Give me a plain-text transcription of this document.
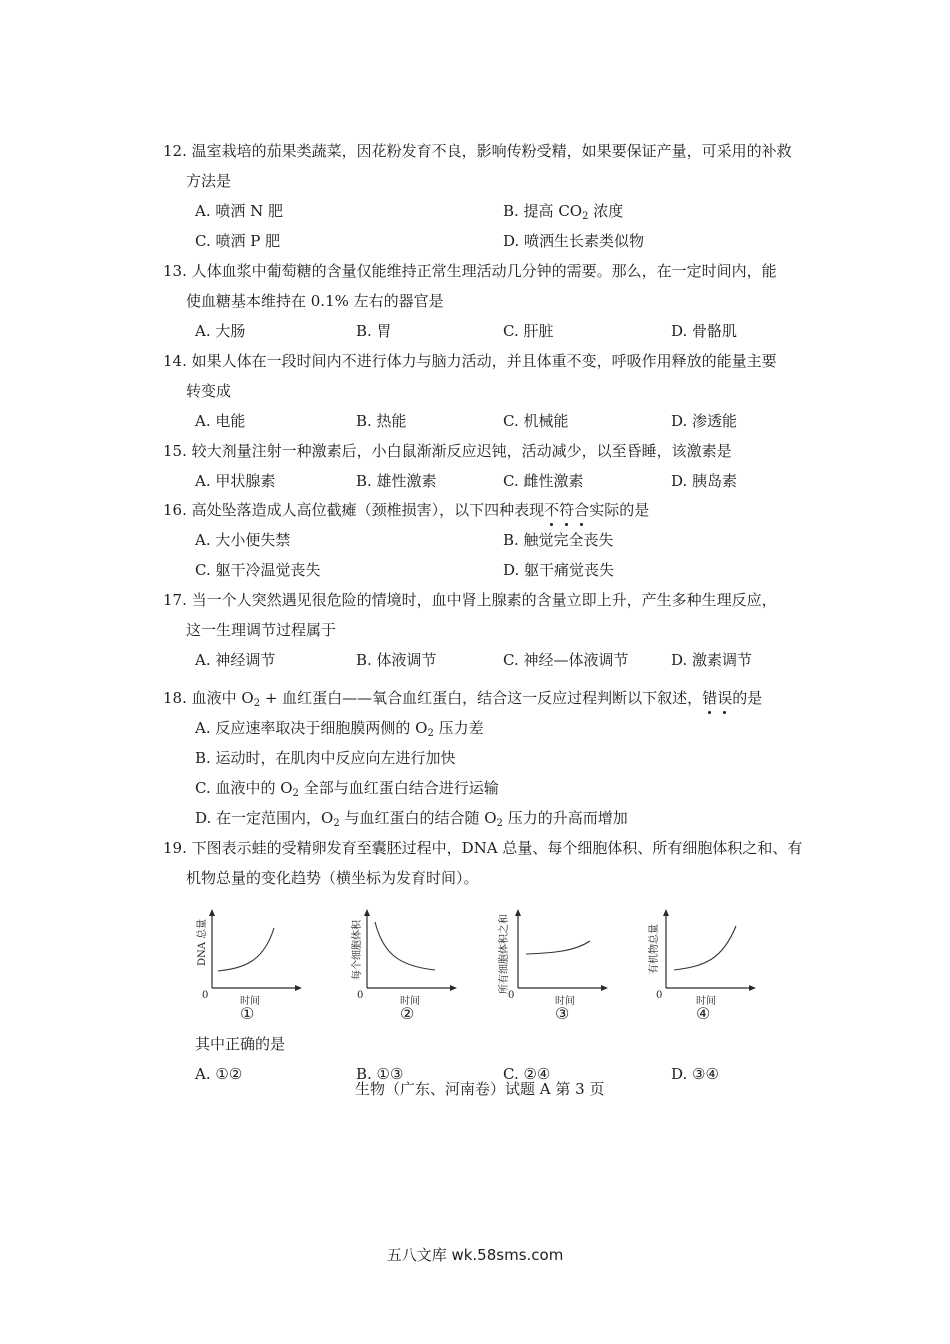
12. 温室栽培的茄果类蔬菜，因花粉发育不良，影响传粉受精，如果要保证产量，可采用的补救
方法是
A. 喷洒 N 肥	B. 提高 $CO_2$ 浓度
C. 喷洒 P 肥	D. 喷洒生长素类似物
13. 人体血浆中葡萄糖的含量仅能维持正常生理活动几分钟的需要。那么，在一定时间内，能
使血糖基本维持在 0.1% 左右的器官是
A. 大肠	B. 胃	C. 肝脏	D. 骨骼肌
14. 如果人体在一段时间内不进行体力与脑力活动，并且体重不变，呼吸作用释放的能量主要
转变成
A. 电能	B. 热能	C. 机械能	D. 渗透能
15. 较大剂量注射一种激素后，小白鼠渐渐反应迟钝，活动减少，以至昏睡，该激素是
A. 甲状腺素	B. 雄性激素	C. 雌性激素	D. 胰岛素
16. 高处坠落造成人高位截瘫（颈椎损害），以下四种表现不符合实际的是
A. 大小便失禁	B. 触觉完全丧失
C. 躯干冷温觉丧失	D. 躯干痛觉丧失
17. 当一个人突然遇见很危险的情境时，血中肾上腺素的含量立即上升，产生多种生理反应，
这一生理调节过程属于
A. 神经调节	B. 体液调节	C. 神经—体液调节	D. 激素调节
18. 血液中 $O_2$ + 血红蛋白——氧合血红蛋白，结合这一反应过程判断以下叙述，错误的是
A. 反应速率取决于细胞膜两侧的 $O_2$ 压力差
B. 运动时，在肌肉中反应向左进行加快
C. 血液中的 $O_2$ 全部与血红蛋白结合进行运输
D. 在一定范围内，$O_2$ 与血红蛋白的结合随 $O_2$ 压力的升高而增加
19. 下图表示蛙的受精卵发育至囊胚过程中，DNA 总量、每个细胞体积、所有细胞体积之和、有
机物总量的变化趋势（横坐标为发育时间）。
DNA 总量
0
时间
①
每个细胞体积
0
时间
②
所有细胞体积之和
0
时间
③
有机物总量
0
时间
④
其中正确的是
A. ①②	B. ①③	C. ②④	D. ③④
生物（广东、河南卷）试题 A 第 3 页
五八文库 wk.58sms.com
